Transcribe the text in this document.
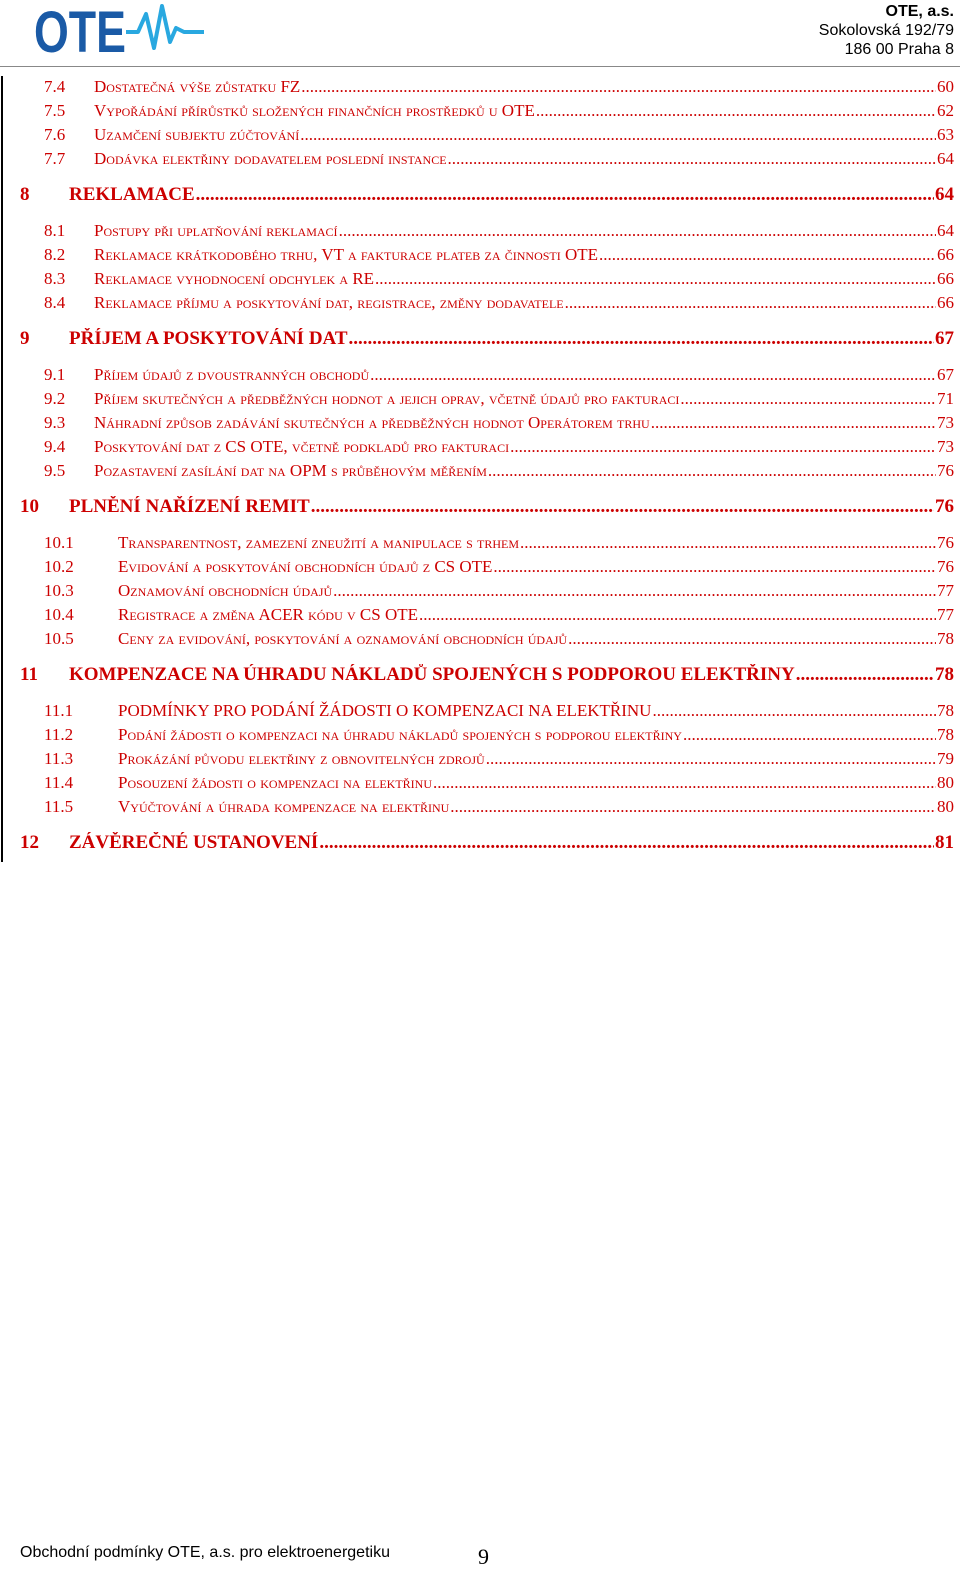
OTE	OTE, a.s.
Sokolovská 192/79
186 00 Praha 8
7.4 Dostatečná výše zůstatku FZ .....	60
7.5 Vypořádání přírůstků složených finančních prostředků u OTE .....	62
7.6 Uzamčení subjektu zúčtování .....	63
7.7 Dodávka elektřiny dodavatelem poslední instance .....	64
8 REKLAMACE .....	64
8.1 Postupy při uplatňování reklamací .....	64
8.2 Reklamace krátkodobého trhu, VT a fakturace plateb za činnosti OTE .....	66
8.3 Reklamace vyhodnocení odchylek a RE .....	66
8.4 Reklamace příjmu a poskytování dat, registrace, změny dodavatele .....	66
9 PŘÍJEM A POSKYTOVÁNÍ DAT .....	67
9.1 Příjem údajů z dvoustranných obchodů .....	67
9.2 Příjem skutečných a předběžných hodnot a jejich oprav, včetně údajů pro fakturaci .....	71
9.3 Náhradní způsob zadávání skutečných a předběžných hodnot Operátorem trhu .....	73
9.4 Poskytování dat z CS OTE, včetně podkladů pro fakturaci .....	73
9.5 Pozastavení zasílání dat na OPM s průběhovým měřením .....	76
10 PLNĚNÍ NAŘÍZENÍ REMIT .....	76
10.1	Transparentnost, zamezení zneužití a manipulace s trhem .....	76
10.2	Evidování a poskytování obchodních údajů z CS OTE .....	76
10.3	Oznamování obchodních údajů .....	77
10.4	Registrace a změna ACER kódu v CS OTE .....	77
10.5	Ceny za evidování, poskytování a oznamování obchodních údajů .....	78
11 KOMPENZACE NA ÚHRADU NÁKLADŮ SPOJENÝCH S PODPOROU ELEKTŘINY .....	78
11.1	PODMÍNKY PRO PODÁNÍ ŽÁDOSTI O KOMPENZACI NA ELEKTŘINU .....	78
11.2	Podání žádosti o kompenzaci na úhradu nákladů spojených s podporou elektřiny .....	78
11.3	Prokázání původu elektřiny z obnovitelných zdrojů .....	79
11.4	Posouzení žádosti o kompenzaci na elektřinu .....	80
11.5	Vyúčtování a úhrada kompenzace na elektřinu .....	80
12 ZÁVĚREČNÉ USTANOVENÍ .....	81
Obchodní podmínky OTE, a.s. pro elektroenergetiku	9
